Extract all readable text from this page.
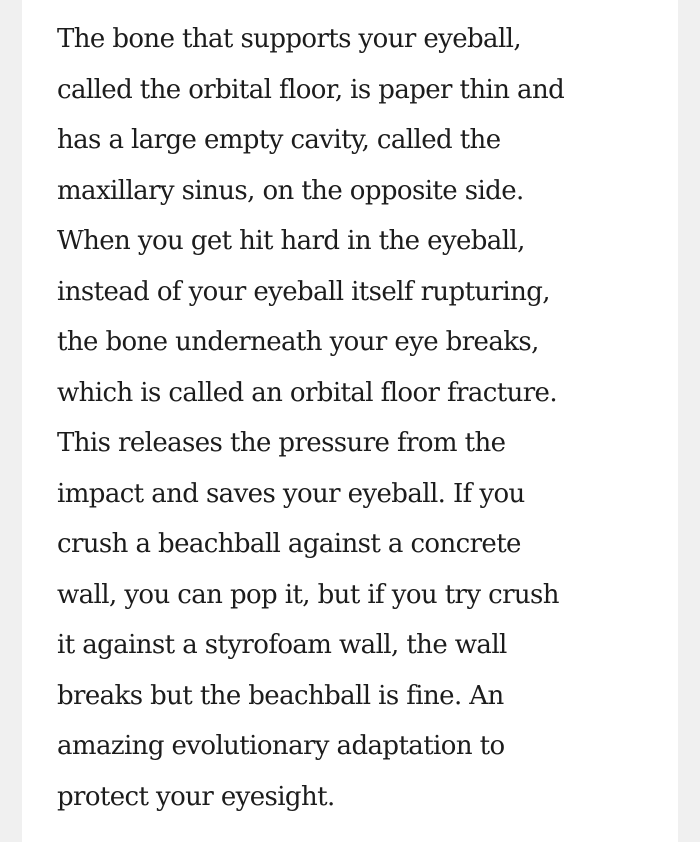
The bone that supports your eyeball,
called the orbital floor, is paper thin and
has a large empty cavity, called the
maxillary sinus, on the opposite side.
When you get hit hard in the eyeball,
instead of your eyeball itself rupturing,
the bone underneath your eye breaks,
which is called an orbital floor fracture.
This releases the pressure from the
impact and saves your eyeball. If you
crush a beachball against a concrete
wall, you can pop it, but if you try crush
it against a styrofoam wall, the wall
breaks but the beachball is fine. An
amazing evolutionary adaptation to
protect your eyesight.
